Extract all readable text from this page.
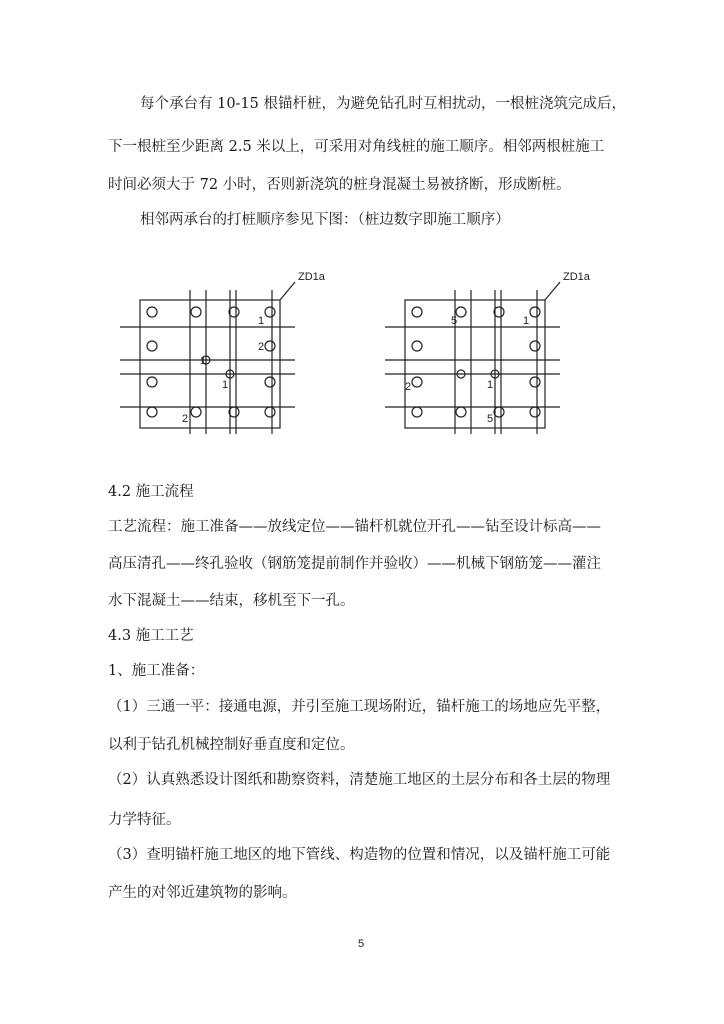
每个承台有 10-15 根锚杆桩，为避免钻孔时互相扰动，一根桩浇筑完成后，
下一根桩至少距离 2.5 米以上，可采用对角线桩的施工顺序。相邻两根桩施工
时间必须大于 72 小时，否则新浇筑的桩身混凝土易被挤断，形成断桩。
相邻两承台的打桩顺序参见下图：（桩边数字即施工顺序）
ZD1a
1
1
1
2
2
ZD1a
5	1
1
2
5
4.2 施工流程
工艺流程：施工准备——放线定位——锚杆机就位开孔——钻至设计标高——
高压清孔——终孔验收（钢筋笼提前制作并验收）——机械下钢筋笼——灌注
水下混凝土——结束，移机至下一孔。
4.3 施工工艺
1、施工准备：
（1）三通一平：接通电源，并引至施工现场附近，锚杆施工的场地应先平整，
以利于钻孔机械控制好垂直度和定位。
（2）认真熟悉设计图纸和勘察资料，清楚施工地区的土层分布和各土层的物理
力学特征。
（3）查明锚杆施工地区的地下管线、构造物的位置和情况，以及锚杆施工可能
产生的对邻近建筑物的影响。
5
